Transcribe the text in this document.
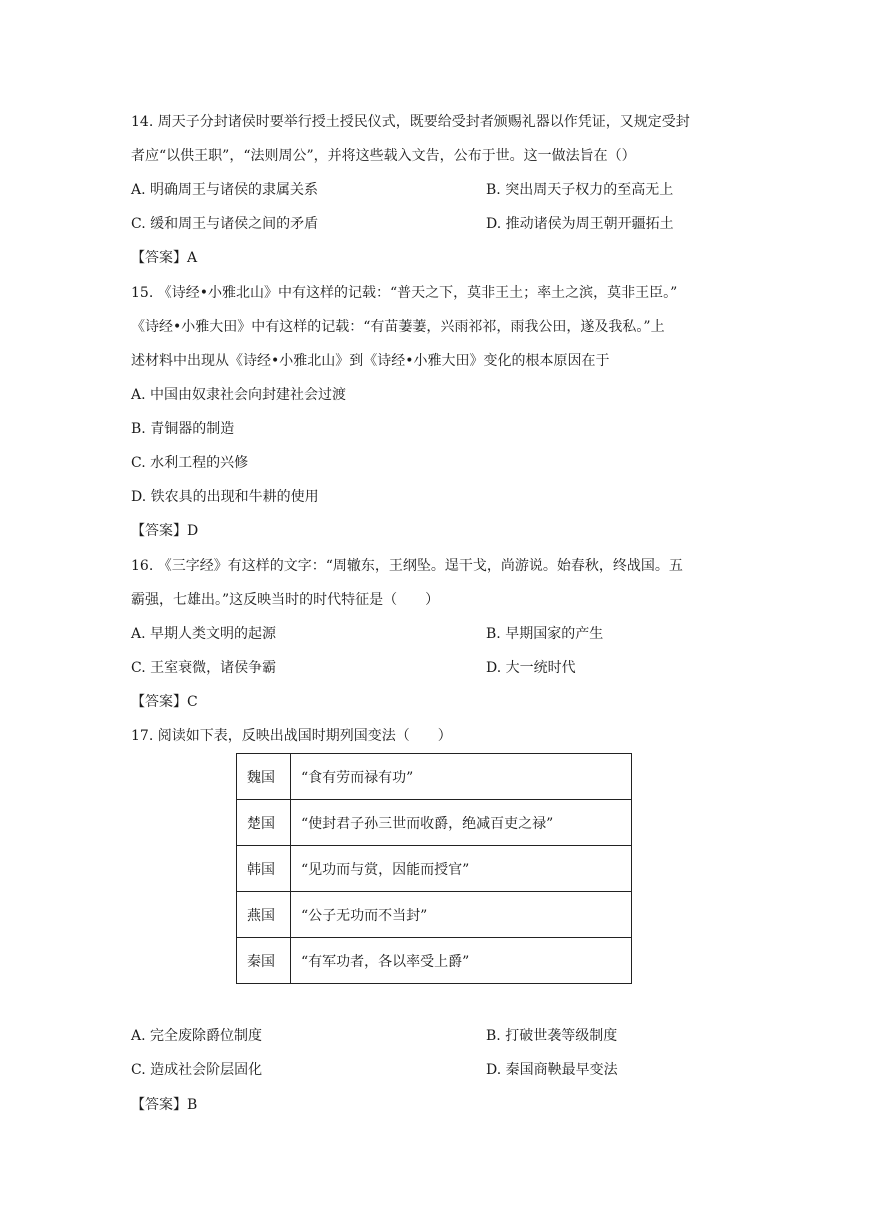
14. 周天子分封诸侯时要举行授土授民仪式，既要给受封者颁赐礼器以作凭证，又规定受封
者应“以供王职”，“法则周公”，并将这些载入文告，公布于世。这一做法旨在（）
A. 明确周王与诸侯的隶属关系	B. 突出周天子权力的至高无上
C. 缓和周王与诸侯之间的矛盾	D. 推动诸侯为周王朝开疆拓土
【答案】A
15. 《诗经•小雅北山》中有这样的记载：“普天之下，莫非王土；率土之滨，莫非王臣。”
《诗经•小雅大田》中有这样的记载：“有苗萋萋，兴雨祁祁，雨我公田，遂及我私。”上
述材料中出现从《诗经•小雅北山》到《诗经•小雅大田》变化的根本原因在于
A. 中国由奴隶社会向封建社会过渡
B. 青铜器的制造
C. 水利工程的兴修
D. 铁农具的出现和牛耕的使用
【答案】D
16. 《三字经》有这样的文字：“周辙东，王纲坠。逞干戈，尚游说。始春秋，终战国。五
霸强，七雄出。”这反映当时的时代特征是（　　）
A. 早期人类文明的起源	B. 早期国家的产生
C. 王室衰微，诸侯争霸	D. 大一统时代
【答案】C
17. 阅读如下表，反映出战国时期列国变法（　　）
魏国	“食有劳而禄有功”
楚国	“使封君子孙三世而收爵，绝减百吏之禄”
韩国	“见功而与赏，因能而授官”
燕国	“公子无功而不当封”
秦国	“有军功者，各以率受上爵”
A. 完全废除爵位制度	B. 打破世袭等级制度
C. 造成社会阶层固化	D. 秦国商鞅最早变法
【答案】B
